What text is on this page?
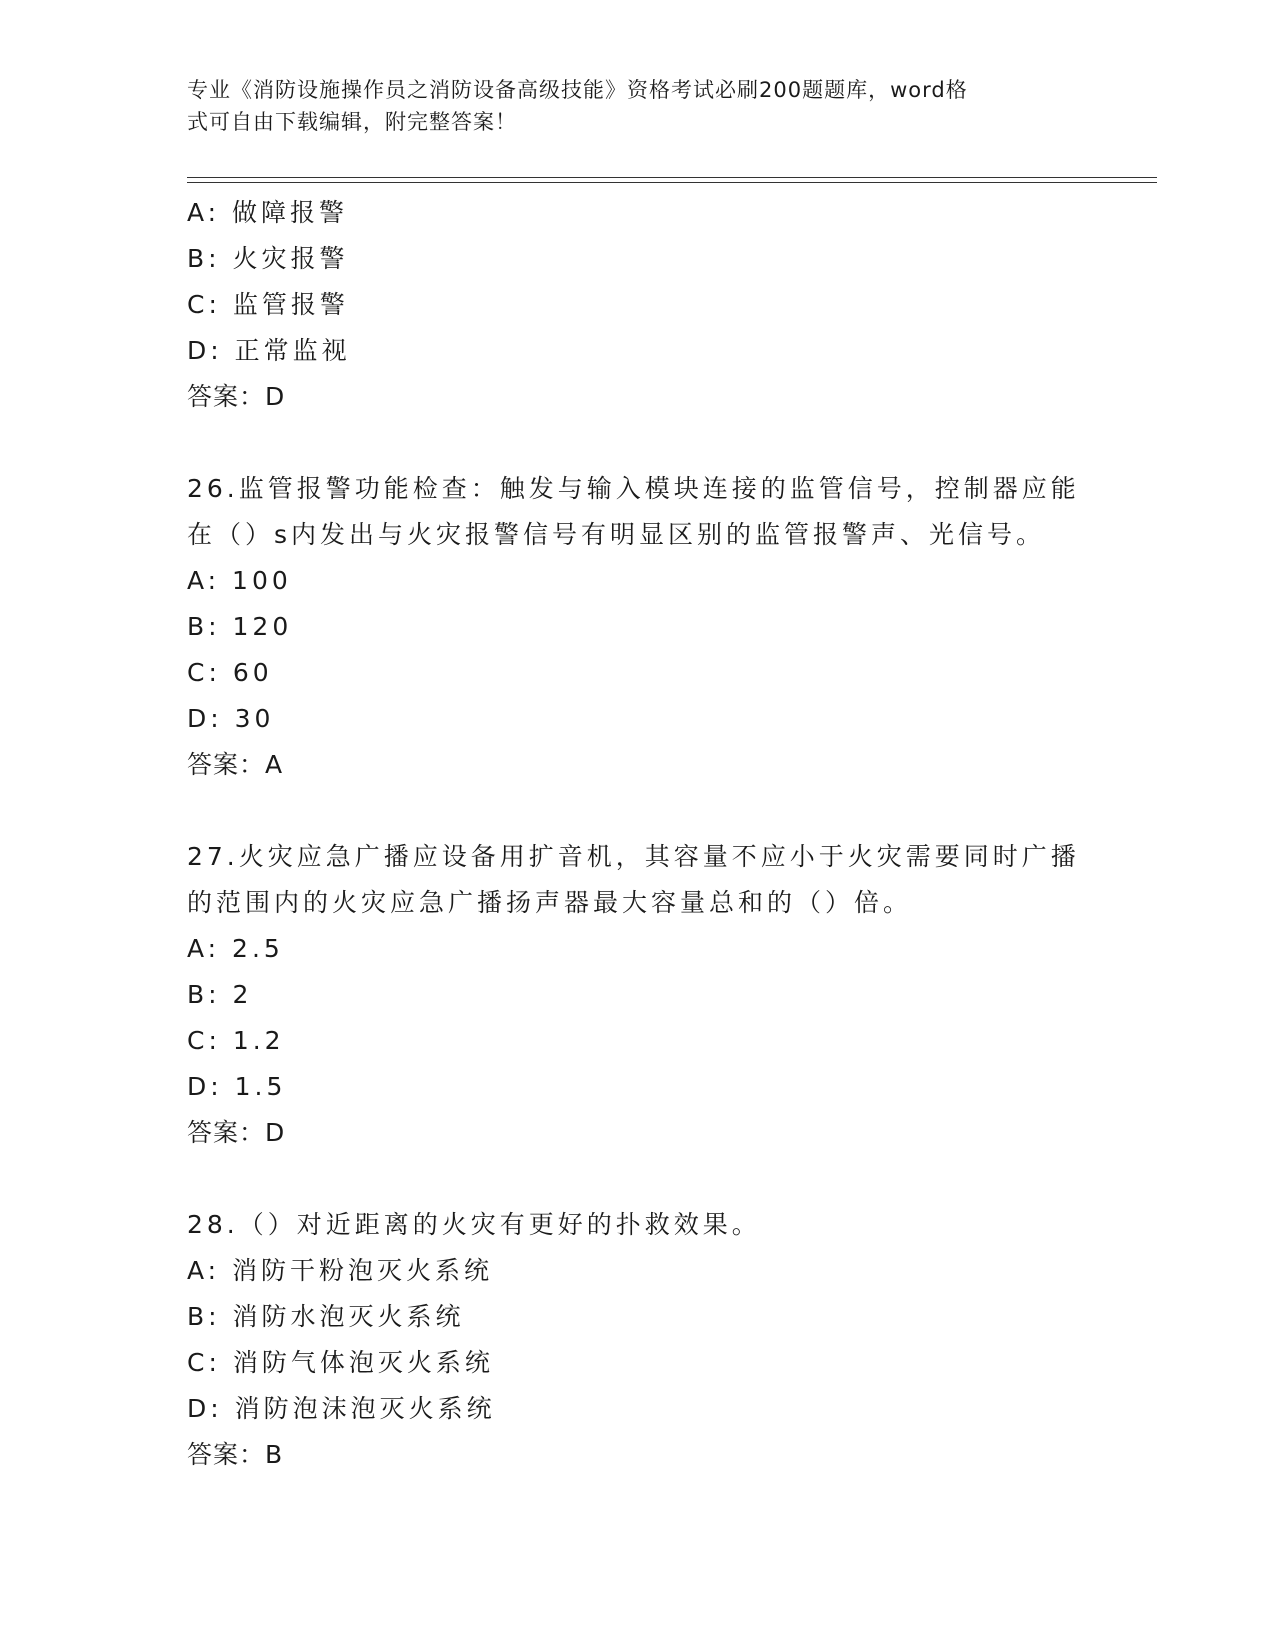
专业《消防设施操作员之消防设备高级技能》资格考试必刷200题题库，word格
式可自由下载编辑，附完整答案！
A: 做障报警
B: 火灾报警
C: 监管报警
D: 正常监视
答案：D
26.监管报警功能检查：触发与输入模块连接的监管信号，控制器应能
在（）s内发出与火灾报警信号有明显区别的监管报警声、光信号。
A: 100
B: 120
C: 60
D: 30
答案：A
27.火灾应急广播应设备用扩音机，其容量不应小于火灾需要同时广播
的范围内的火灾应急广播扬声器最大容量总和的（）倍。
A: 2.5
B: 2
C: 1.2
D: 1.5
答案：D
28.（）对近距离的火灾有更好的扑救效果。
A: 消防干粉泡灭火系统
B: 消防水泡灭火系统
C: 消防气体泡灭火系统
D: 消防泡沫泡灭火系统
答案：B
